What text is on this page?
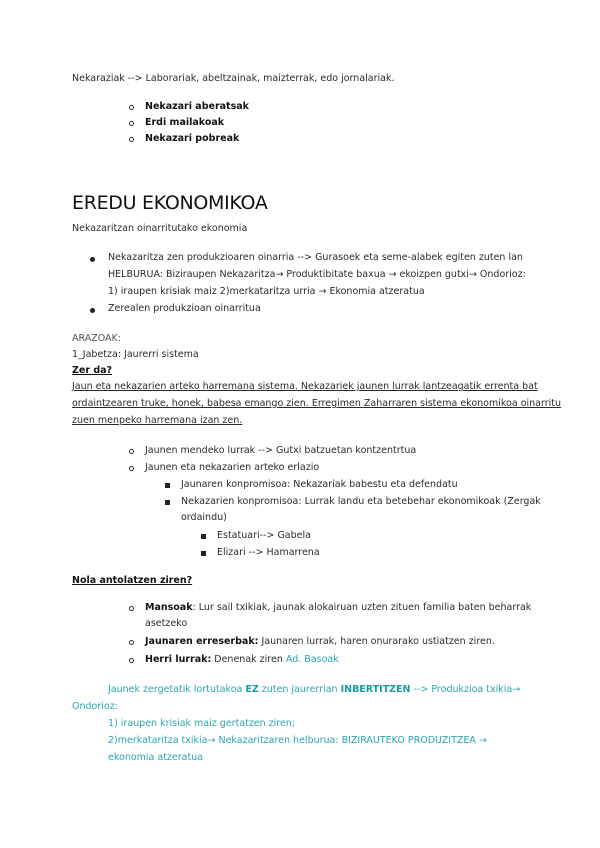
Nekaraziak --> Laborariak, abeltzainak, maizterrak, edo jornalariak.
Nekazari aberatsak
Erdi mailakoak
Nekazari pobreak
EREDU EKONOMIKOA
Nekazaritzan oinarritutako ekonomia
Nekazaritza zen produkzioaren oinarria --> Gurasoek eta seme-alabek egiten zuten lan
HELBURUA: Biziraupen Nekazaritza→ Produktibitate baxua → ekoizpen gutxi→ Ondorioz:
1) iraupen krisiak maiz 2)merkataritza urria → Ekonomia atzeratua
Zerealen produkzioan oinarritua
ARAZOAK:
1_Jabetza: Jaurerri sistema
Zer da?
Jaun eta nekazarien arteko harremana sistema. Nekazariek jaunen lurrak lantzeagatik errenta bat
ordaintzearen truke, honek, babesa emango zien. Erregimen Zaharraren sistema ekonomikoa oinarritu
zuen menpeko harremana izan zen.
Jaunen mendeko lurrak --> Gutxi batzuetan kontzentrtua
Jaunen eta nekazarien arteko erlazio
Jaunaren konpromisoa: Nekazariak babestu eta defendatu
Nekazarien konpromisoa: Lurrak landu eta betebehar ekonomikoak (Zergak
ordaindu)
Estatuari--> Gabela
Elizari --> Hamarrena
Nola antolatzen ziren?
Mansoak: Lur sail txikiak, jaunak alokairuan uzten zituen familia baten beharrak
asetzeko
Jaunaren erreserbak: Jaunaren lurrak, haren onurarako ustiatzen ziren.
Herri lurrak: Denenak ziren Ad. Basoak
Jaunek zergetatik lortutakoa EZ zuten jaurerrian INBERTITZEN --> Produkzioa txikia→
Ondorioz:
1) iraupen krisiak maiz gertatzen ziren;
2)merkataritza txikia→ Nekazaritzaren helburua: BIZIRAUTEKO PRODUZITZEA →
ekonomia atzeratua
